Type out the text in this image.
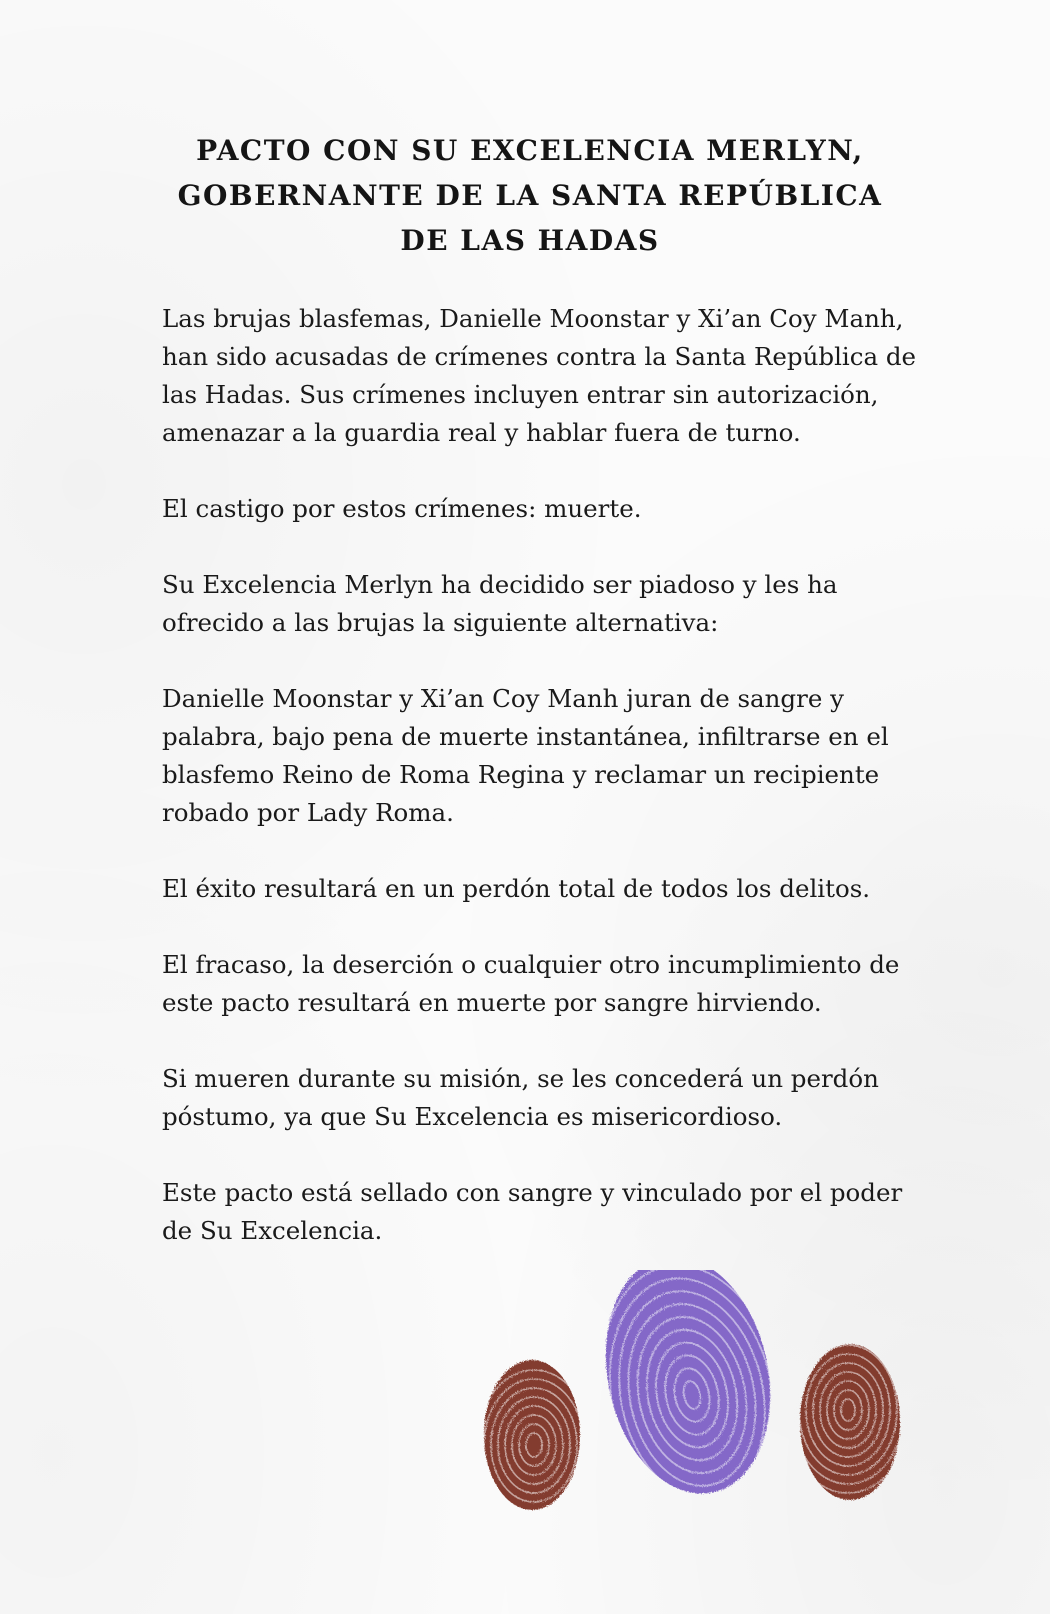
PACTO CON SU EXCELENCIA MERLYN,
GOBERNANTE DE LA SANTA REPÚBLICA
DE LAS HADAS

Las brujas blasfemas, Danielle Moonstar y Xi’an Coy Manh, han sido acusadas de crímenes contra la Santa República de las Hadas. Sus crímenes incluyen entrar sin autorización, amenazar a la guardia real y hablar fuera de turno.

El castigo por estos crímenes: muerte.

Su Excelencia Merlyn ha decidido ser piadoso y les ha ofrecido a las brujas la siguiente alternativa:

Danielle Moonstar y Xi’an Coy Manh juran de sangre y palabra, bajo pena de muerte instantánea, infiltrarse en el blasfemo Reino de Roma Regina y reclamar un recipiente robado por Lady Roma.

El éxito resultará en un perdón total de todos los delitos.

El fracaso, la deserción o cualquier otro incumplimiento de este pacto resultará en muerte por sangre hirviendo.

Si mueren durante su misión, se les concederá un perdón póstumo, ya que Su Excelencia es misericordioso.

Este pacto está sellado con sangre y vinculado por el poder de Su Excelencia.
